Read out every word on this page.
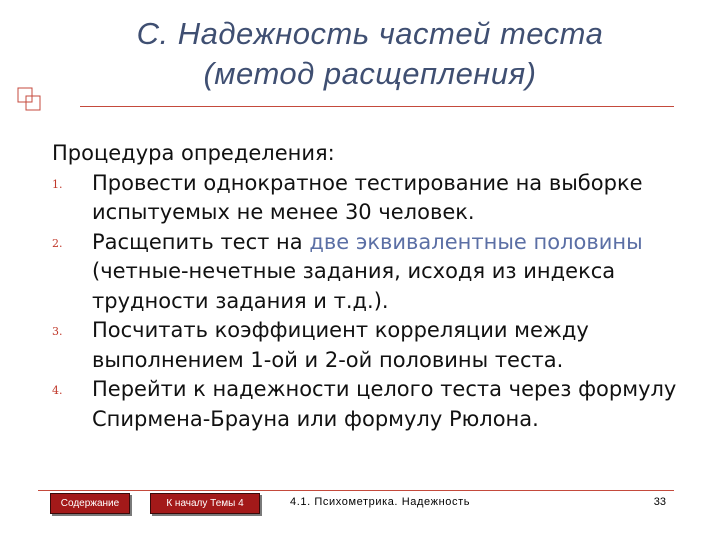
C. Надежность частей теста
(метод расщепления)

Процедура определения:

1. Провести однократное тестирование на выборке испытуемых не менее 30 человек.
2. Расщепить тест на две эквивалентные половины (четные-нечетные задания, исходя из индекса трудности задания и т.д.).
3. Посчитать коэффициент корреляции между выполнением 1-ой и 2-ой половины теста.
4. Перейти к надежности целого теста через формулу Спирмена-Брауна или формулу Рюлона.
Содержание	К началу Темы 4	4.1. Психометрика. Надежность	33
